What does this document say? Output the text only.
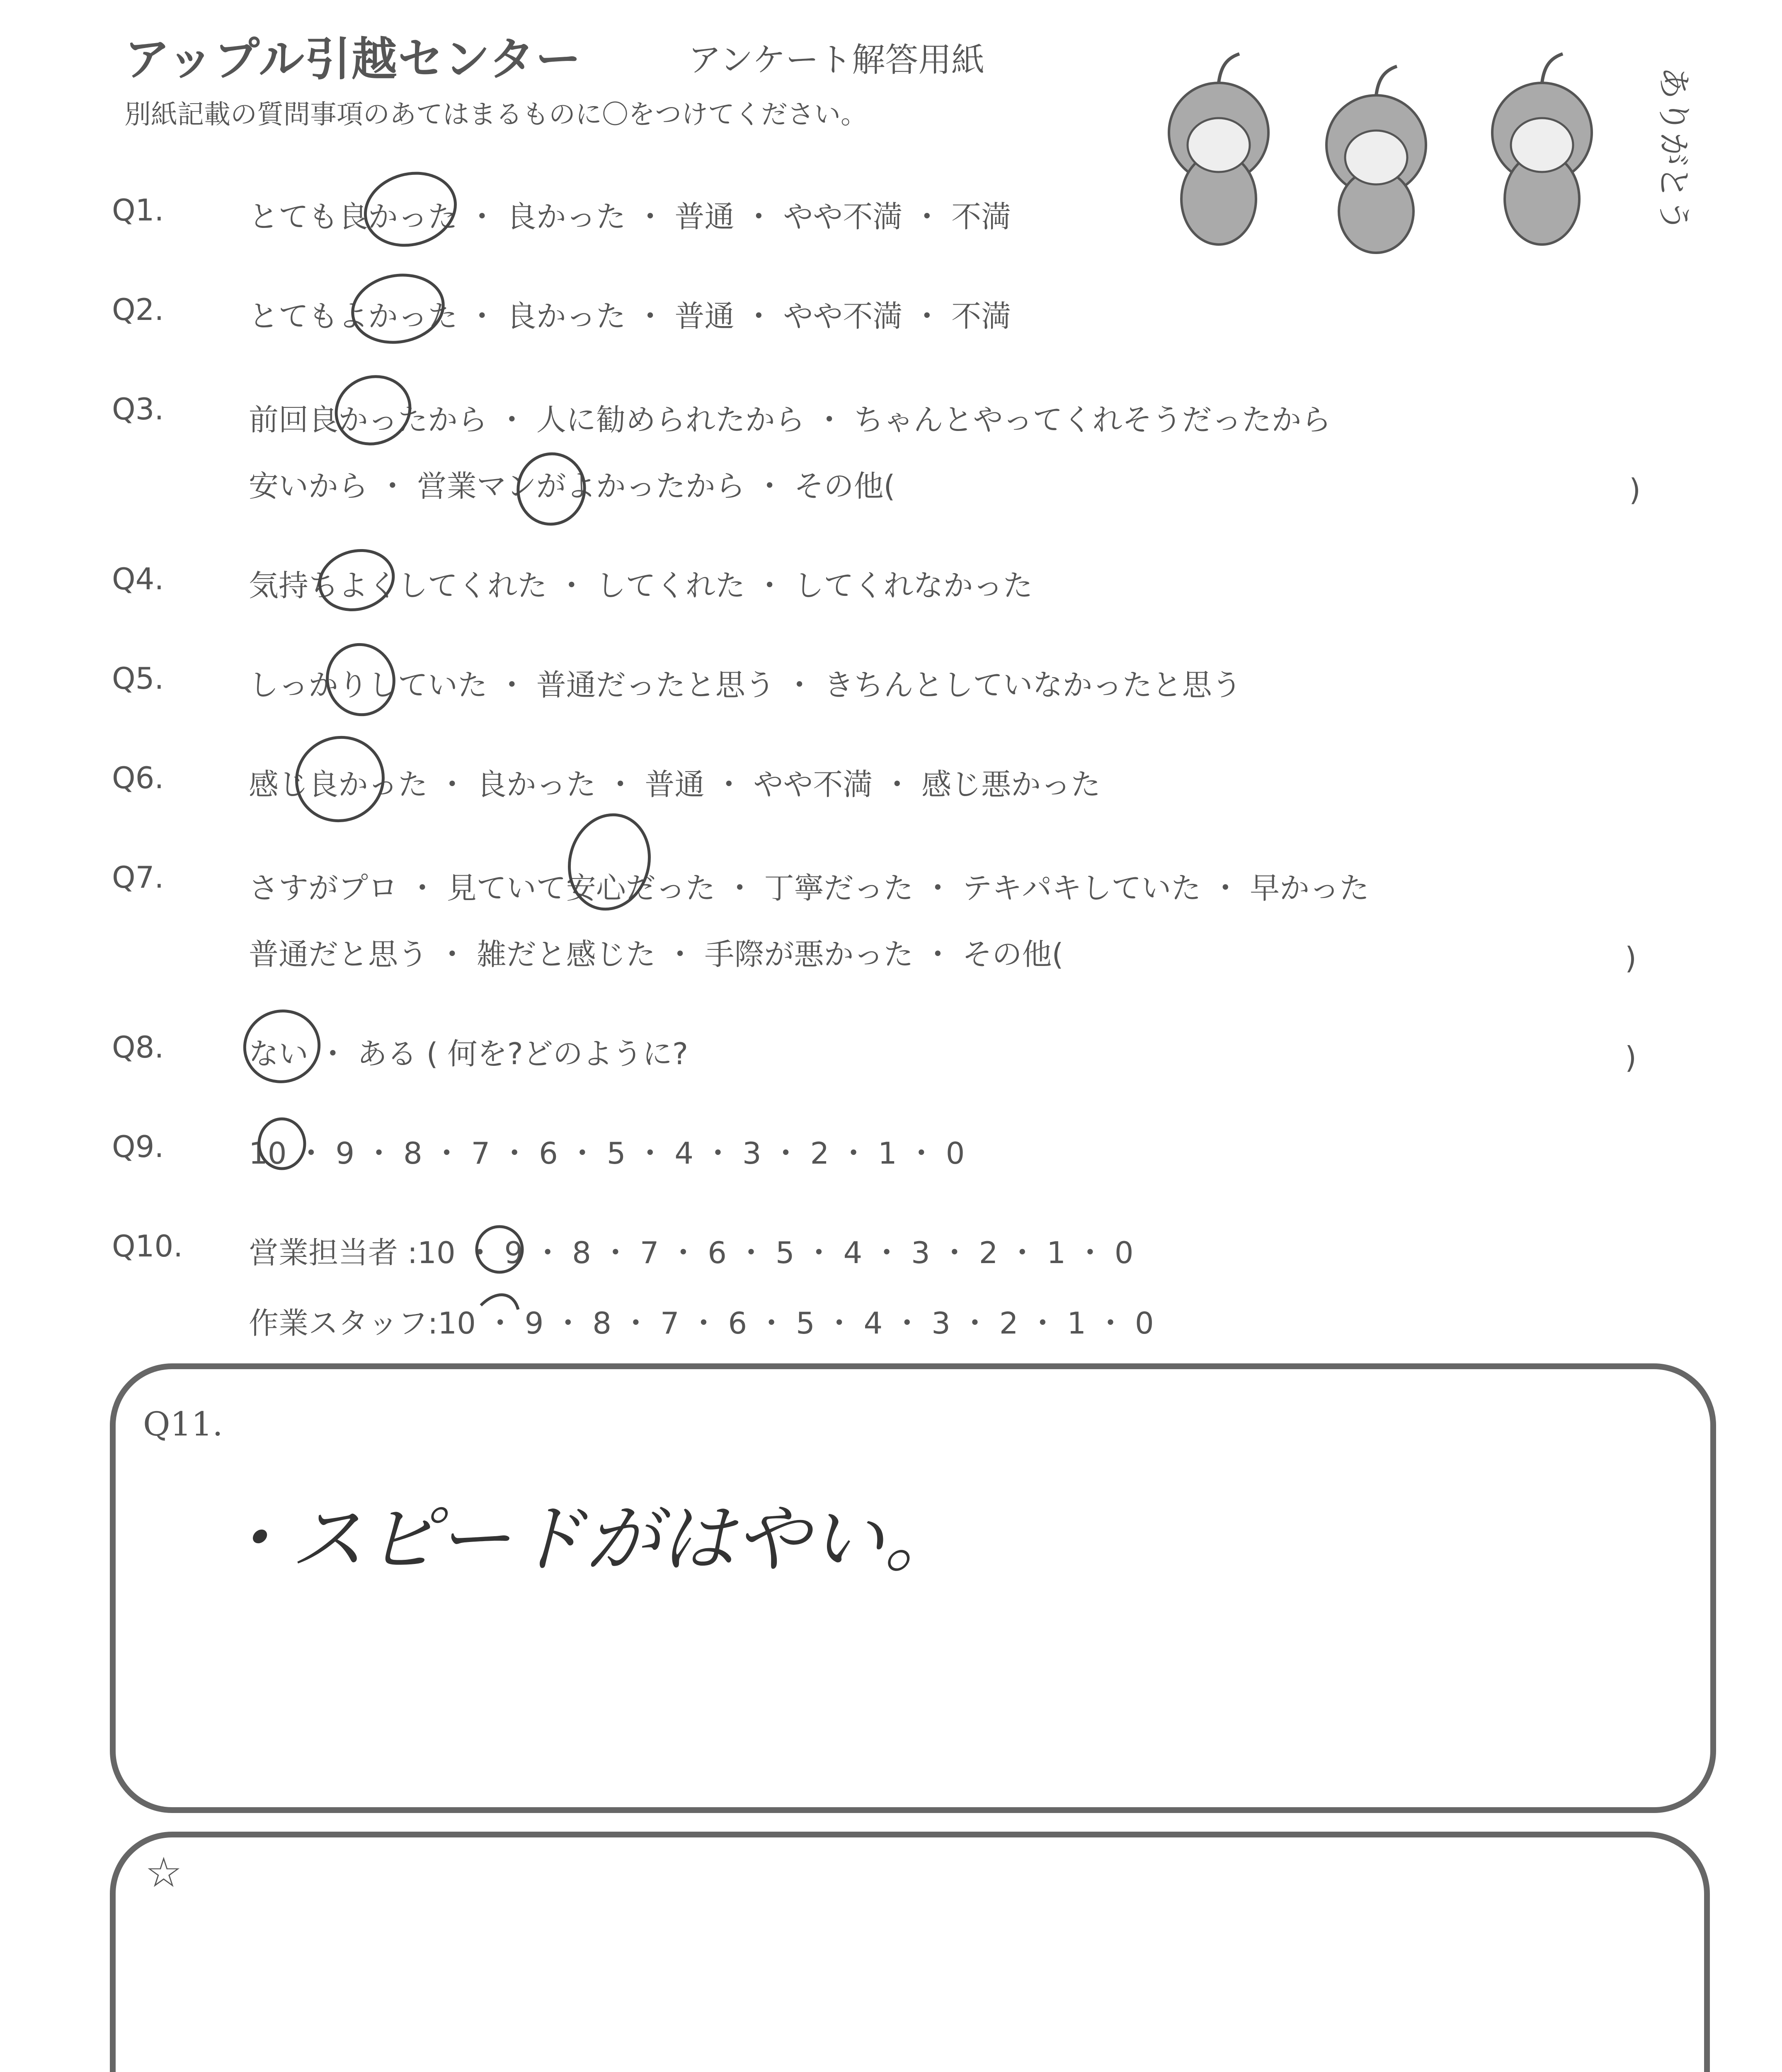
アップル引越センター	アンケート解答用紙
別紙記載の質問事項のあてはまるものに〇をつけてください。	ありがとう
Q1.	とても良かった ・ 良かった ・ 普通 ・ やや不満 ・ 不満
Q2.	とてもよかった ・ 良かった ・ 普通 ・ やや不満 ・ 不満
Q3.	前回良かったから ・ 人に勧められたから ・ ちゃんとやってくれそうだったから
安いから ・ 営業マンがよかったから ・ その他(	)
Q4.	気持ちよくしてくれた ・ してくれた ・ してくれなかった
Q5.	しっかりしていた ・ 普通だったと思う ・ きちんとしていなかったと思う
Q6.	感じ良かった ・ 良かった ・ 普通 ・ やや不満 ・ 感じ悪かった
Q7.	さすがプロ ・ 見ていて安心だった ・ 丁寧だった ・ テキパキしていた ・ 早かった
普通だと思う ・ 雑だと感じた ・ 手際が悪かった ・ その他(	)
Q8.	ない ・ ある ( 何を?どのように?	)
Q9.	10 ・ 9 ・ 8 ・ 7 ・ 6 ・ 5 ・ 4 ・ 3 ・ 2 ・ 1 ・ 0
Q10. 営業担当者 :10 ・ 9 ・ 8 ・ 7 ・ 6 ・ 5 ・ 4 ・ 3 ・ 2 ・ 1 ・ 0
作業スタッフ:10 ・ 9 ・ 8 ・ 7 ・ 6 ・ 5 ・ 4 ・ 3 ・ 2 ・ 1 ・ 0
Q11.
・スピードがはやい。
☆
